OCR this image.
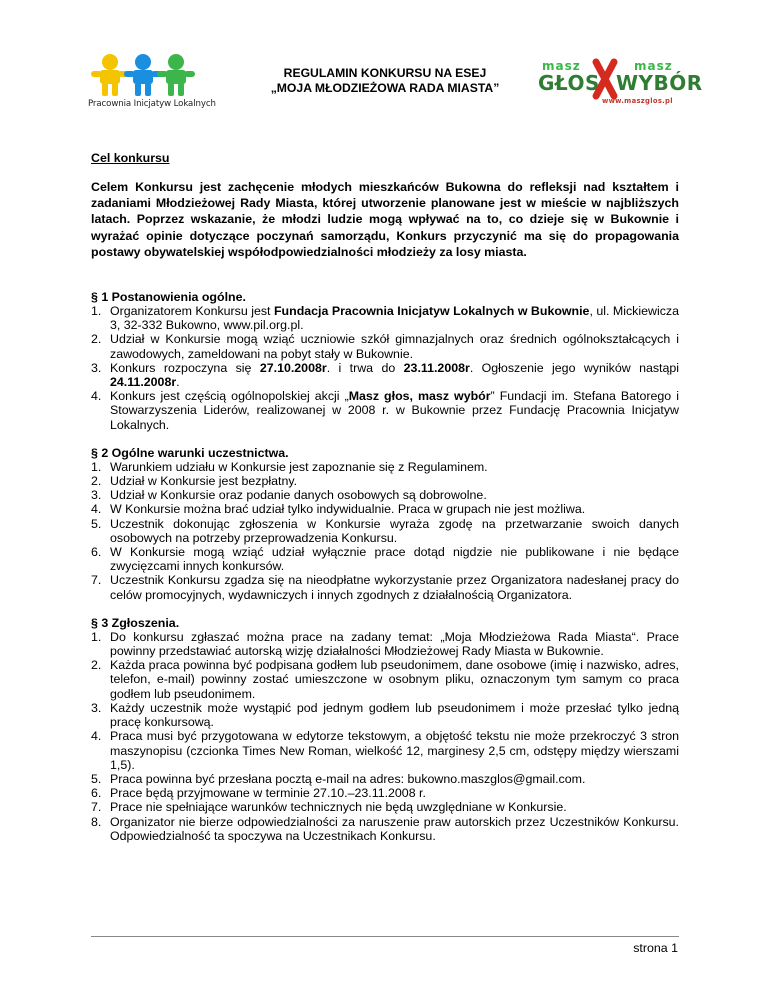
Pracownia Inicjatyw Lokalnych
REGULAMIN KONKURSU NA ESEJ
„MOJA MŁODZIEŻOWA RADA MIASTA”
masz
GŁOS
masz
WYBÓR
www.maszglos.pl

Cel konkursu

Celem Konkursu jest zachęcenie młodych mieszkańców Bukowna do refleksji nad kształtem i zadaniami Młodzieżowej Rady Miasta, której utworzenie planowane jest w mieście w najbliższych latach. Poprzez wskazanie, że młodzi ludzie mogą wpływać na to, co dzieje się w Bukownie i wyrażać opinie dotyczące poczynań samorządu, Konkurs przyczynić ma się do propagowania postawy obywatelskiej współodpowiedzialności młodzieży za losy miasta.

§ 1 Postanowienia ogólne.

1. Organizatorem Konkursu jest Fundacja Pracownia Inicjatyw Lokalnych w Bukownie, ul. Mickiewicza 3, 32-332 Bukowno, www.pil.org.pl.
2. Udział w Konkursie mogą wziąć uczniowie szkół gimnazjalnych oraz średnich ogólnokształcących i zawodowych, zameldowani na pobyt stały w Bukownie.
3. Konkurs rozpoczyna się 27.10.2008r. i trwa do 23.11.2008r. Ogłoszenie jego wyników nastąpi 24.11.2008r.
4. Konkurs jest częścią ogólnopolskiej akcji „Masz głos, masz wybór” Fundacji im. Stefana Batorego i Stowarzyszenia Liderów, realizowanej w 2008 r. w Bukownie przez Fundację Pracownia Inicjatyw Lokalnych.

§ 2 Ogólne warunki uczestnictwa.

1. Warunkiem udziału w Konkursie jest zapoznanie się z Regulaminem.
2. Udział w Konkursie jest bezpłatny.
3. Udział w Konkursie oraz podanie danych osobowych są dobrowolne.
4. W Konkursie można brać udział tylko indywidualnie. Praca w grupach nie jest możliwa.
5. Uczestnik dokonując zgłoszenia w Konkursie wyraża zgodę na przetwarzanie swoich danych osobowych na potrzeby przeprowadzenia Konkursu.
6. W Konkursie mogą wziąć udział wyłącznie prace dotąd nigdzie nie publikowane i nie będące zwycięzcami innych konkursów.
7. Uczestnik Konkursu zgadza się na nieodpłatne wykorzystanie przez Organizatora nadesłanej pracy do celów promocyjnych, wydawniczych i innych zgodnych z działalnością Organizatora.

§ 3 Zgłoszenia.

1. Do konkursu zgłaszać można prace na zadany temat: „Moja Młodzieżowa Rada Miasta“. Prace powinny przedstawiać autorską wizję działalności Młodzieżowej Rady Miasta w Bukownie.
2. Każda praca powinna być podpisana godłem lub pseudonimem, dane osobowe (imię i nazwisko, adres, telefon, e-mail) powinny zostać umieszczone w osobnym pliku, oznaczonym tym samym co praca godłem lub pseudonimem.
3. Każdy uczestnik może wystąpić pod jednym godłem lub pseudonimem i może przesłać tylko jedną pracę konkursową.
4. Praca musi być przygotowana w edytorze tekstowym, a objętość tekstu nie może przekroczyć 3 stron maszynopisu (czcionka Times New Roman, wielkość 12, marginesy 2,5 cm, odstępy między wierszami 1,5).
5. Praca powinna być przesłana pocztą e-mail na adres: bukowno.maszglos@gmail.com.
6. Prace będą przyjmowane w terminie 27.10.–23.11.2008 r.
7. Prace nie spełniające warunków technicznych nie będą uwzględniane w Konkursie.
8. Organizator nie bierze odpowiedzialności za naruszenie praw autorskich przez Uczestników Konkursu. Odpowiedzialność ta spoczywa na Uczestnikach Konkursu.
strona 1
